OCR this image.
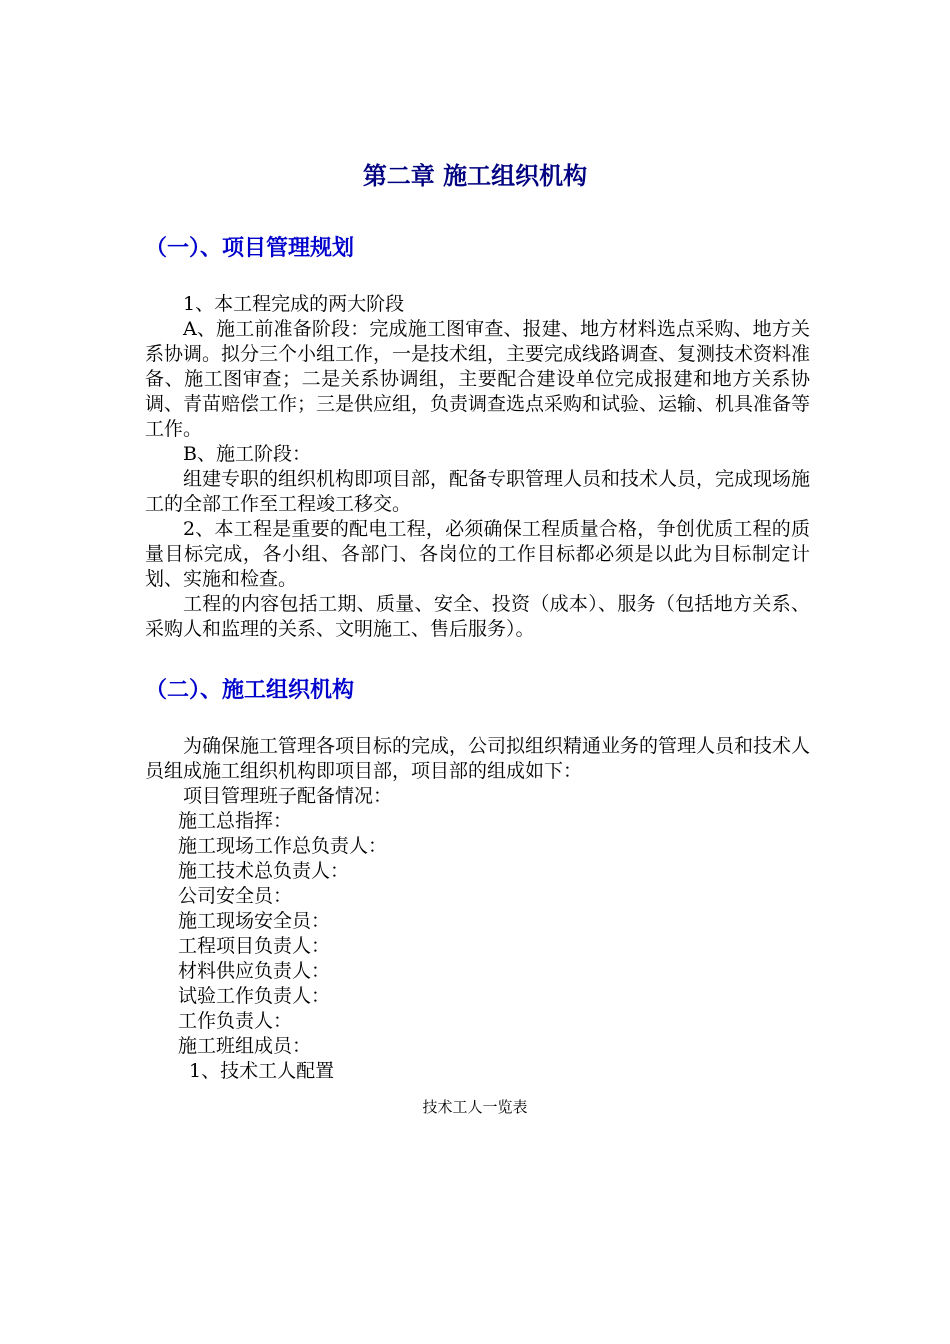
第二章 施工组织机构
（一）、项目管理规划

1、本工程完成的两大阶段

A、施工前准备阶段：完成施工图审查、报建、地方材料选点采购、地方关系协调。拟分三个小组工作，一是技术组，主要完成线路调查、复测技术资料准备、施工图审查；二是关系协调组，主要配合建设单位完成报建和地方关系协调、青苗赔偿工作；三是供应组，负责调查选点采购和试验、运输、机具准备等工作。

B、施工阶段：

组建专职的组织机构即项目部，配备专职管理人员和技术人员，完成现场施工的全部工作至工程竣工移交。

2、本工程是重要的配电工程，必须确保工程质量合格，争创优质工程的质量目标完成，各小组、各部门、各岗位的工作目标都必须是以此为目标制定计划、实施和检查。

工程的内容包括工期、质量、安全、投资（成本）、服务（包括地方关系、采购人和监理的关系、文明施工、售后服务）。

（二）、施工组织机构

为确保施工管理各项目标的完成，公司拟组织精通业务的管理人员和技术人员组成施工组织机构即项目部，项目部的组成如下：

项目管理班子配备情况：

施工总指挥：
施工现场工作总负责人：
施工技术总负责人：
公司安全员：
施工现场安全员：
工程项目负责人：
材料供应负责人：
试验工作负责人：
工作负责人：
施工班组成员：

1、技术工人配置

技术工人一览表
